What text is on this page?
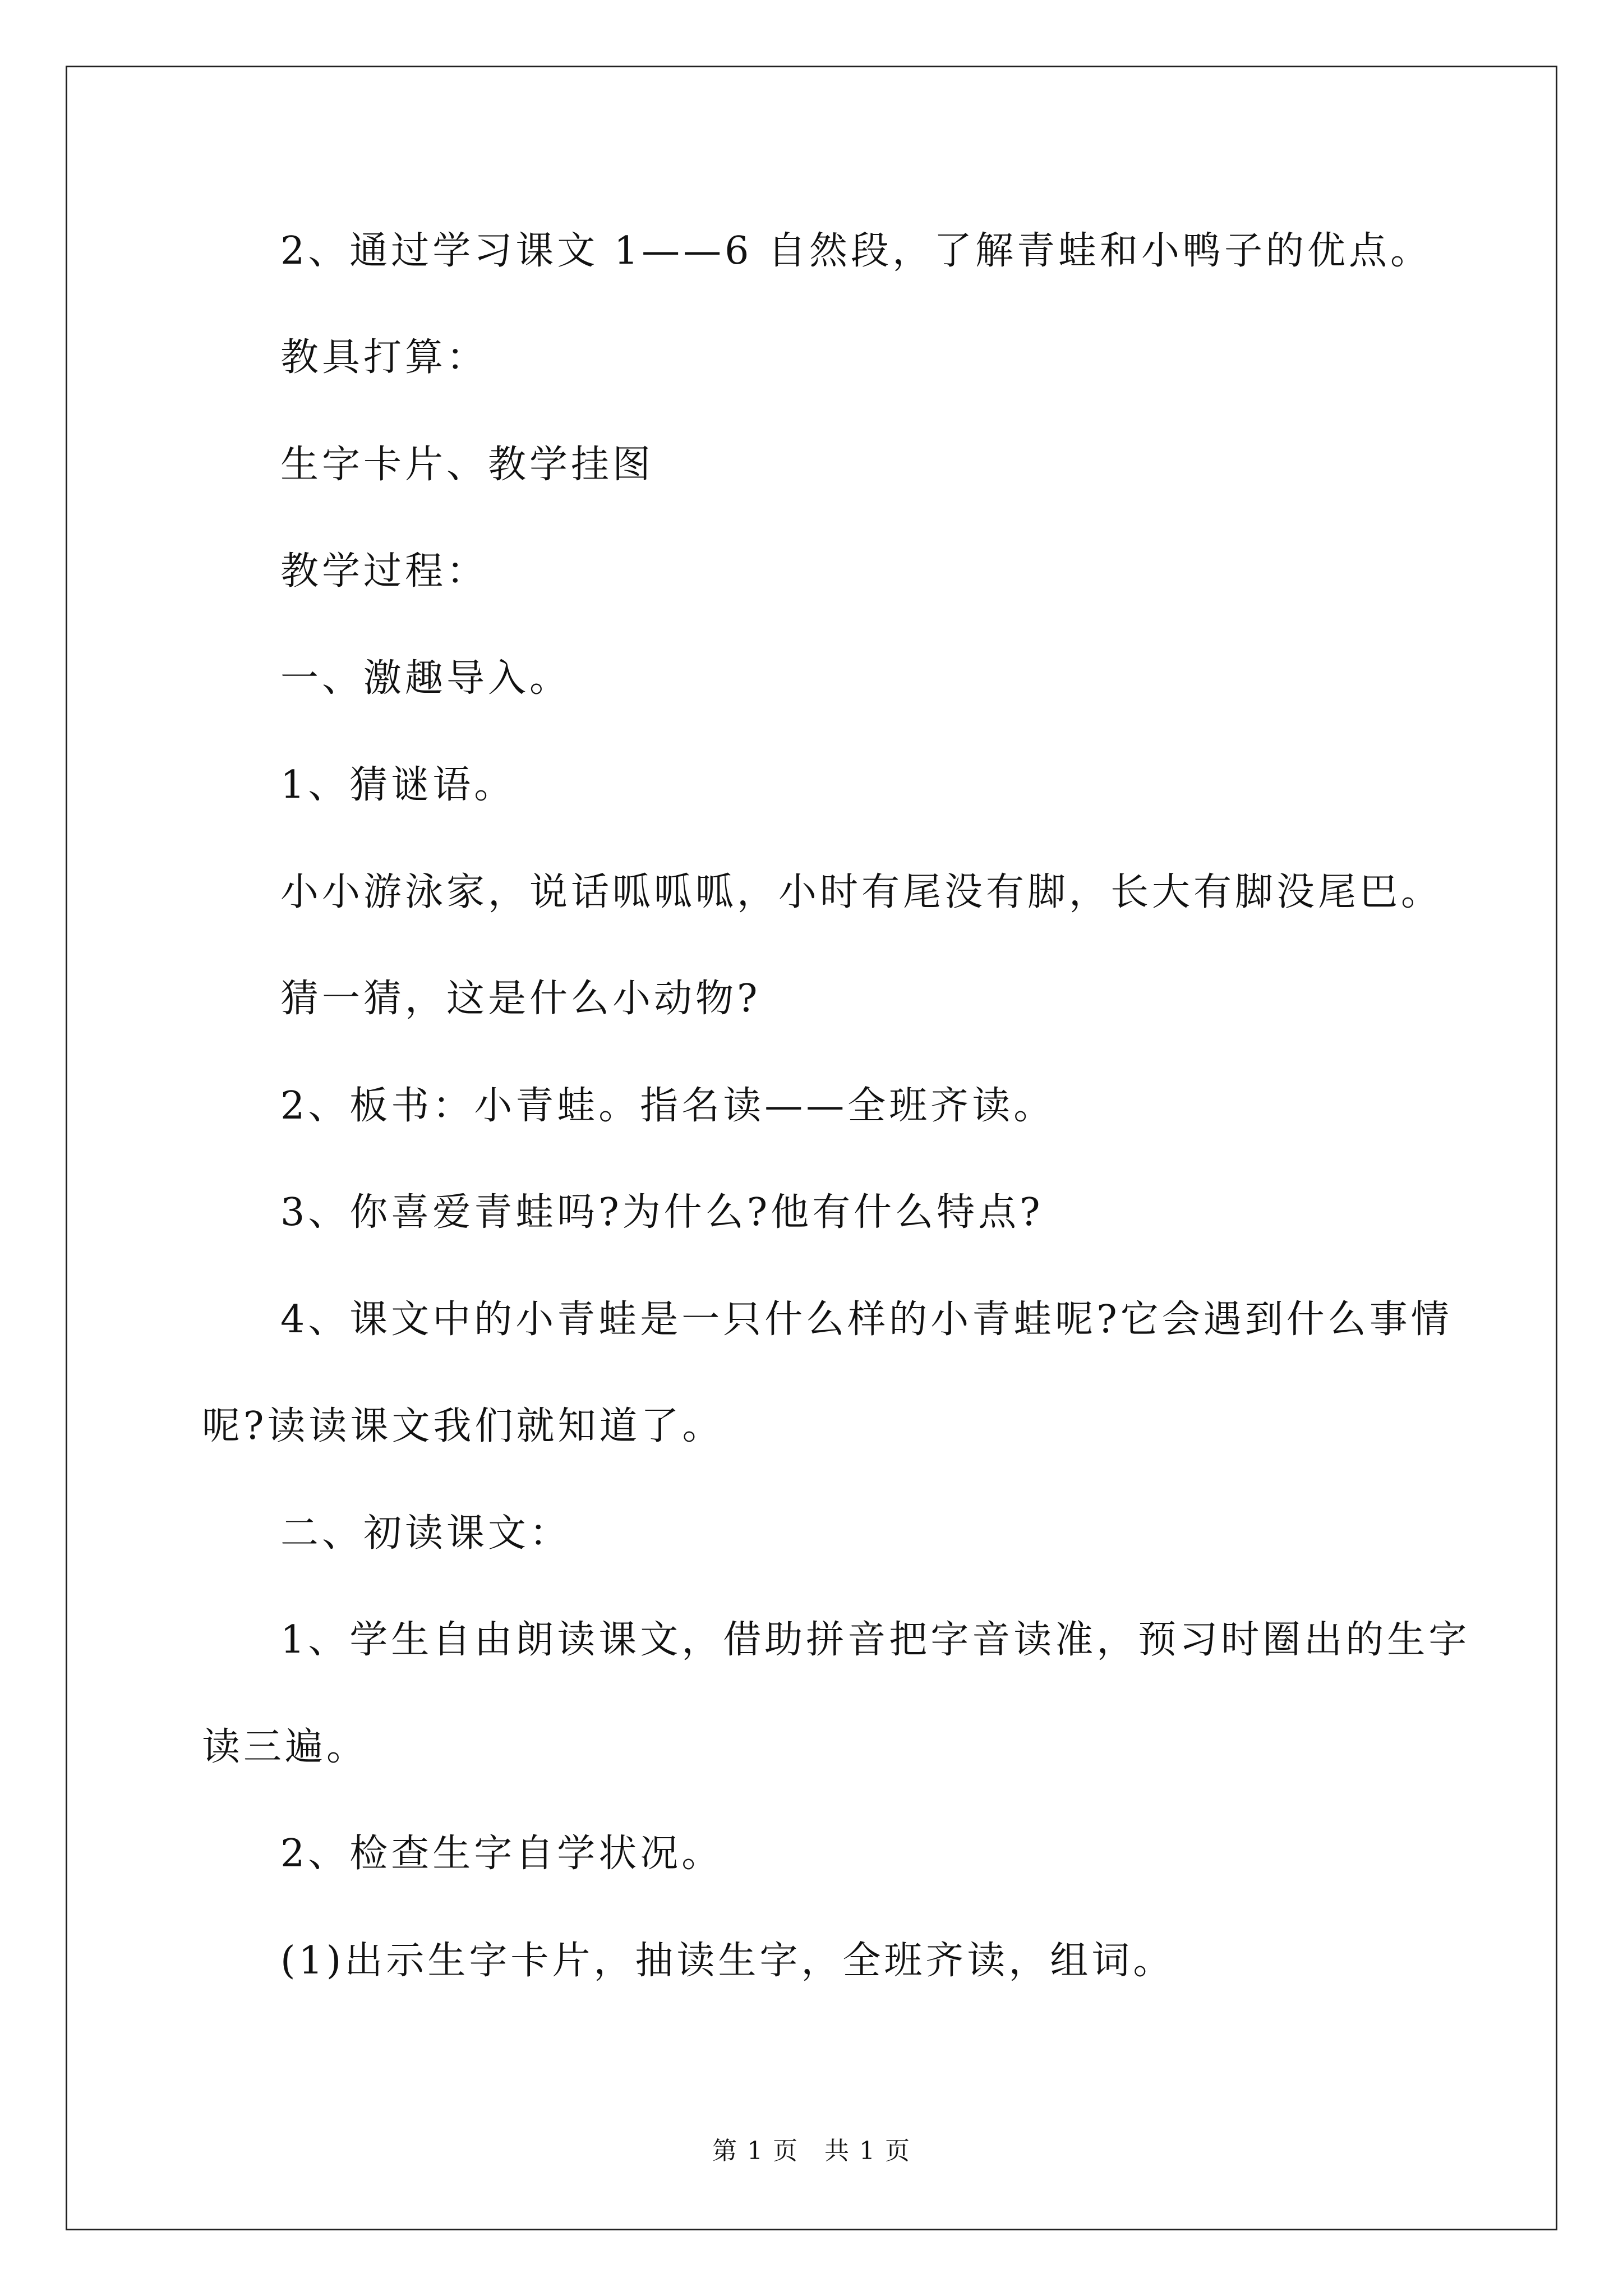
2、通过学习课文 1——6 自然段，了解青蛙和小鸭子的优点。
教具打算：
生字卡片、教学挂图
教学过程：
一、激趣导入。
1、猜谜语。
小小游泳家，说话呱呱呱，小时有尾没有脚，长大有脚没尾巴。
猜一猜，这是什么小动物?
2、板书：小青蛙。指名读——全班齐读。
3、你喜爱青蛙吗?为什么?他有什么特点?
4、课文中的小青蛙是一只什么样的小青蛙呢?它会遇到什么事情
呢?读读课文我们就知道了。
二、初读课文：
1、学生自由朗读课文，借助拼音把字音读准，预习时圈出的生字
读三遍。
2、检查生字自学状况。
(1)出示生字卡片，抽读生字，全班齐读，组词。
第 1 页　共 1 页
